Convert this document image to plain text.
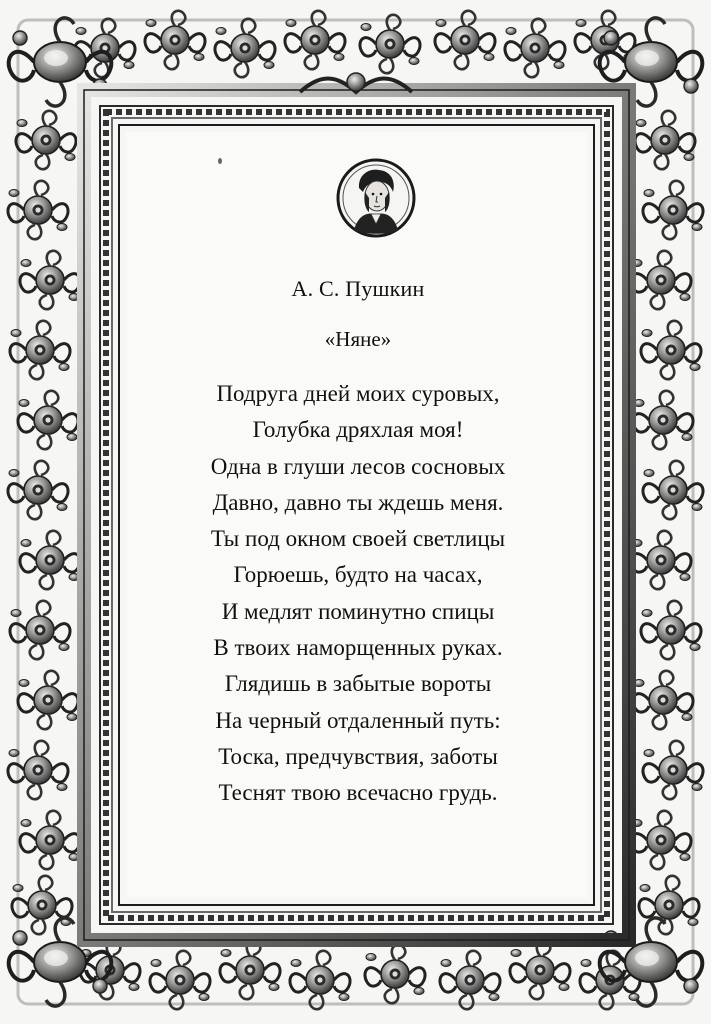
А. С. Пушкин
«Няне»
Подруга дней моих суровых,
Голубка дряхлая моя!
Одна в глуши лесов сосновых
Давно, давно ты ждешь меня.
Ты под окном своей светлицы
Горюешь, будто на часах,
И медлят поминутно спицы
В твоих наморщенных руках.
Глядишь в забытые вороты
На черный отдаленный путь:
Тоска, предчувствия, заботы
Теснят твою всечасно грудь.
